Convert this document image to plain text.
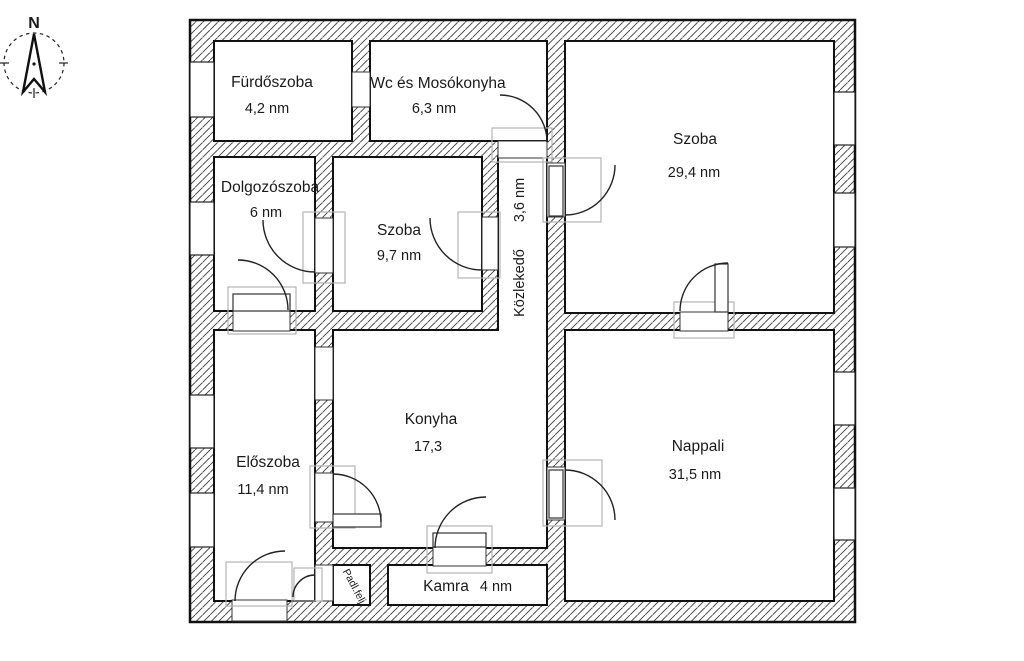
N
Fürdőszoba
4,2 nm
Wc és Mosókonyha
6,3 nm
Szoba
29,4 nm
Dolgozószoba
6 nm
Szoba
9,7 nm	Közlekedő
3,6 nm
Konyha
17,3	Nappali
31,5 nm
Előszoba
11,4 nm
Kamra 4 nm
Padl.felj.
